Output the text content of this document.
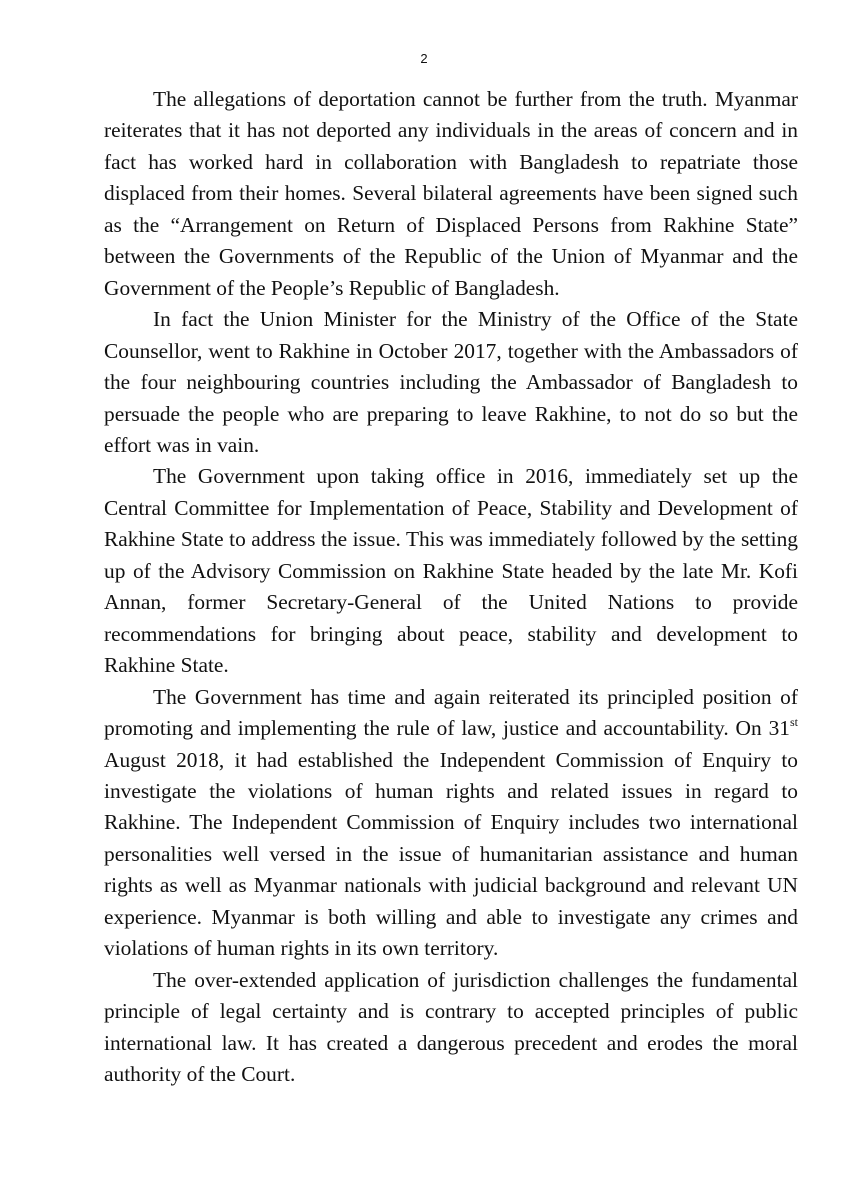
2

The allegations of deportation cannot be further from the truth. Myanmar reiterates that it has not deported any individuals in the areas of concern and in fact has worked hard in collaboration with Bangladesh to repatriate those displaced from their homes. Several bilateral agreements have been signed such as the “Arrangement on Return of Displaced Persons from Rakhine State” between the Governments of the Republic of the Union of Myanmar and the Government of the People’s Republic of Bangladesh.

In fact the Union Minister for the Ministry of the Office of the State Counsellor, went to Rakhine in October 2017, together with the Ambassadors of the four neighbouring countries including the Ambassador of Bangladesh to persuade the people who are preparing to leave Rakhine, to not do so but the effort was in vain.

The Government upon taking office in 2016, immediately set up the Central Committee for Implementation of Peace, Stability and Development of Rakhine State to address the issue. This was immediately followed by the setting up of the Advisory Commission on Rakhine State headed by the late Mr. Kofi Annan, former Secretary-General of the United Nations to provide recommendations for bringing about peace, stability and development to Rakhine State.

The Government has time and again reiterated its principled position of promoting and implementing the rule of law, justice and accountability. On 31st August 2018, it had established the Independent Commission of Enquiry to investigate the violations of human rights and related issues in regard to Rakhine. The Independent Commission of Enquiry includes two international personalities well versed in the issue of humanitarian assistance and human rights as well as Myanmar nationals with judicial background and relevant UN experience. Myanmar is both willing and able to investigate any crimes and violations of human rights in its own territory.

The over-extended application of jurisdiction challenges the fundamental principle of legal certainty and is contrary to accepted principles of public international law. It has created a dangerous precedent and erodes the moral authority of the Court.
